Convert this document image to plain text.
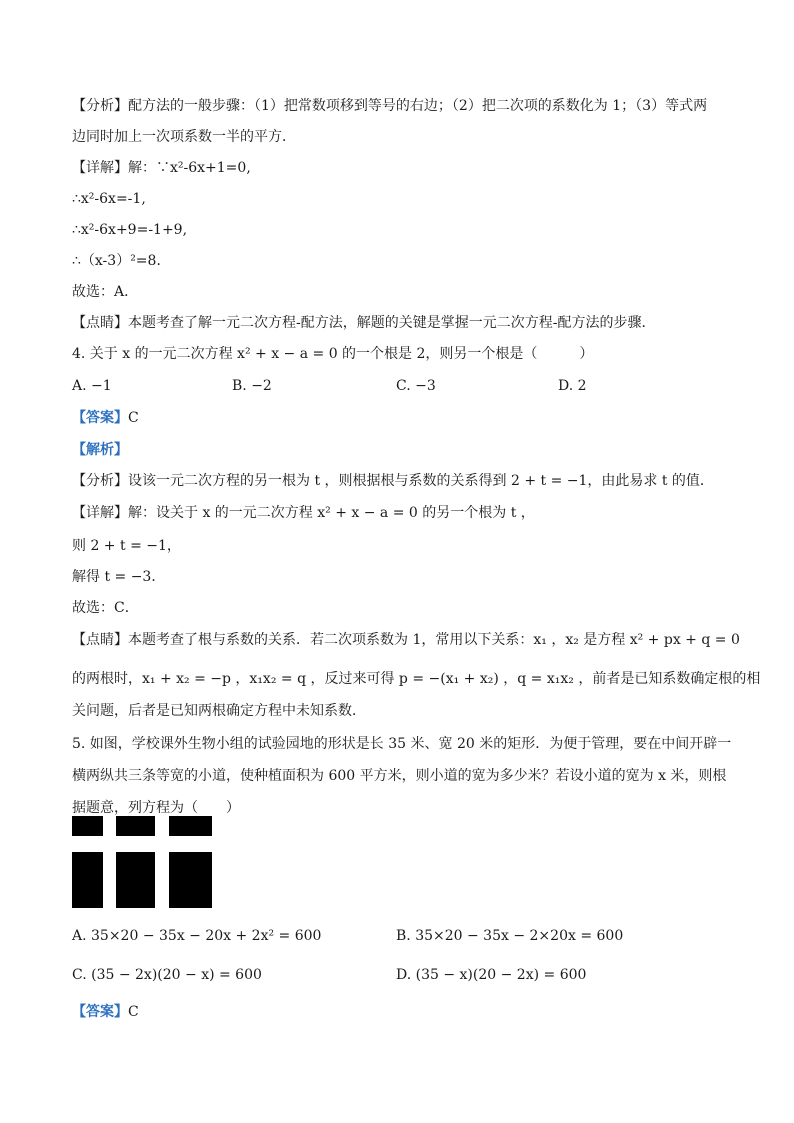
【分析】配方法的一般步骤：（1）把常数项移到等号的右边；（2）把二次项的系数化为 1；（3）等式两
边同时加上一次项系数一半的平方．
【详解】解：∵x²-6x+1=0,
∴x²-6x=-1,
∴x²-6x+9=-1+9,
∴（x-3）²=8．
故选：A．
【点睛】本题考查了解一元二次方程-配方法，解题的关键是掌握一元二次方程-配方法的步骤．
4. 关于 x 的一元二次方程 x² + x − a = 0 的一个根是 2，则另一个根是（　　　）
A. −1	B. −2	C. −3	D. 2
【答案】C
【解析】
【分析】设该一元二次方程的另一根为 t ，则根据根与系数的关系得到 2 + t = −1，由此易求 t 的值．
【详解】解：设关于 x 的一元二次方程 x² + x − a = 0 的另一个根为 t ，
则 2 + t = −1，
解得 t = −3．
故选：C．
【点睛】本题考查了根与系数的关系．若二次项系数为 1，常用以下关系：x₁ ，x₂ 是方程 x² + px + q = 0
的两根时，x₁ + x₂ = −p ，x₁x₂ = q ，反过来可得 p = −(x₁ + x₂) ，q = x₁x₂ ，前者是已知系数确定根的相
关问题，后者是已知两根确定方程中未知系数．
5. 如图，学校课外生物小组的试验园地的形状是长 35 米、宽 20 米的矩形．为便于管理，要在中间开辟一
横两纵共三条等宽的小道，使种植面积为 600 平方米，则小道的宽为多少米？若设小道的宽为 x 米，则根
据题意，列方程为（　　）
A. 35×20 − 35x − 20x + 2x² = 600	B. 35×20 − 35x − 2×20x = 600
C. (35 − 2x)(20 − x) = 600	D. (35 − x)(20 − 2x) = 600
【答案】C
